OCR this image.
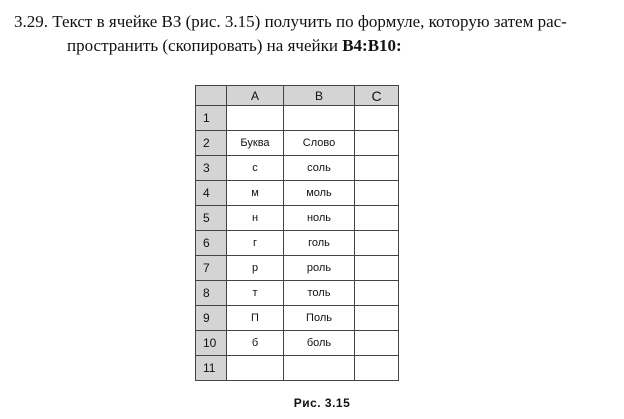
3.29. Текст в ячейке ВЗ (рис. 3.15) получить по формуле, которую затем рас-
пространить (скопировать) на ячейки B4:B10:
	A	B	C
1			
2	Буква	Слово	
3	с	соль	
4	м	моль	
5	н	ноль	
6	г	голь	
7	р	роль	
8	т	толь	
9	П	Поль	
10	б	боль	
11			
Рис. 3.15
